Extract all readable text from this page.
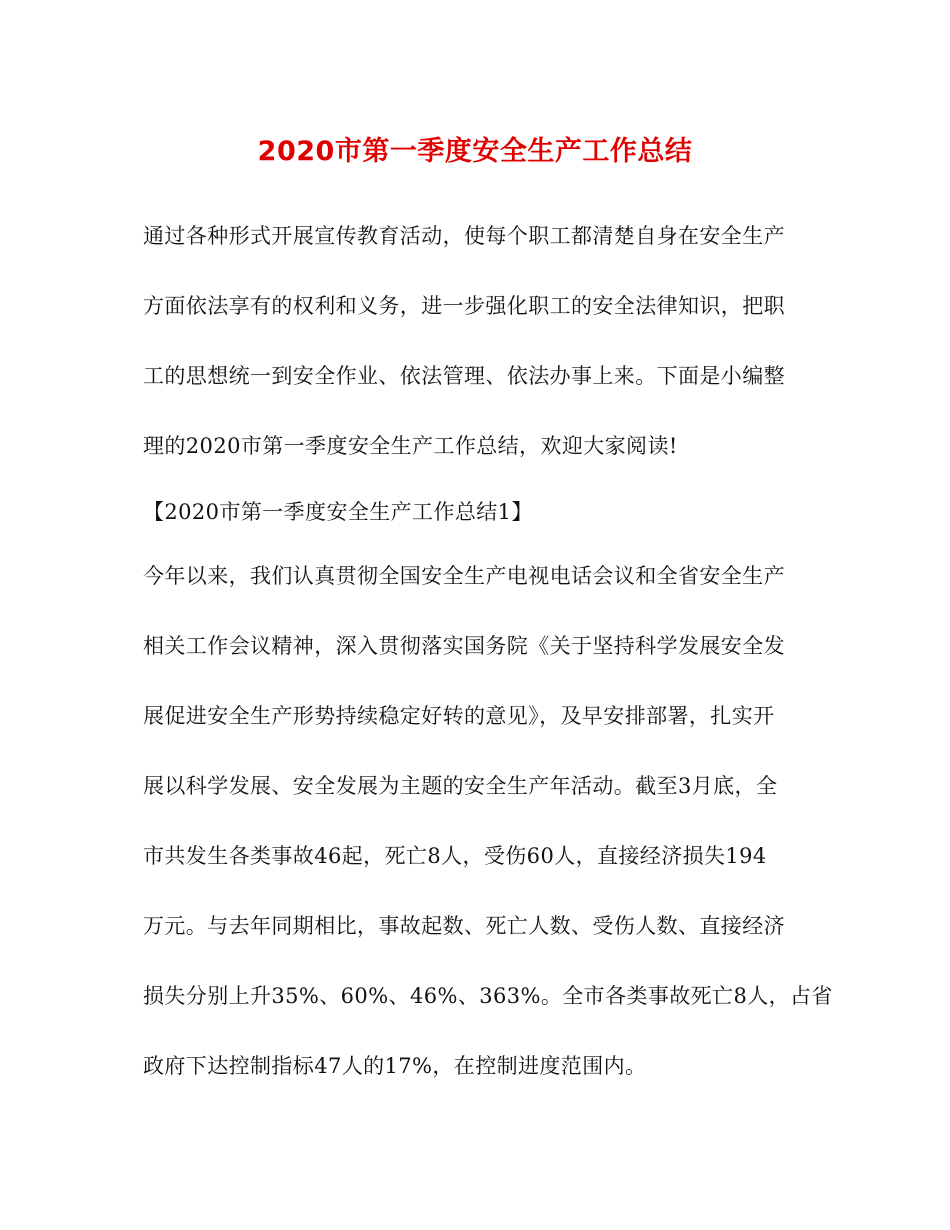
2020市第一季度安全生产工作总结
通过各种形式开展宣传教育活动，使每个职工都清楚自身在安全生产
方面依法享有的权利和义务，进一步强化职工的安全法律知识，把职
工的思想统一到安全作业、依法管理、依法办事上来。下面是小编整
理的2020市第一季度安全生产工作总结，欢迎大家阅读!
【2020市第一季度安全生产工作总结1】
今年以来，我们认真贯彻全国安全生产电视电话会议和全省安全生产
相关工作会议精神，深入贯彻落实国务院《关于坚持科学发展安全发
展促进安全生产形势持续稳定好转的意见》，及早安排部署，扎实开
展以科学发展、安全发展为主题的安全生产年活动。截至3月底，全
市共发生各类事故46起，死亡8人，受伤60人，直接经济损失194
万元。与去年同期相比，事故起数、死亡人数、受伤人数、直接经济
损失分别上升35%、60%、46%、363%。全市各类事故死亡8人，占省
政府下达控制指标47人的17%，在控制进度范围内。
